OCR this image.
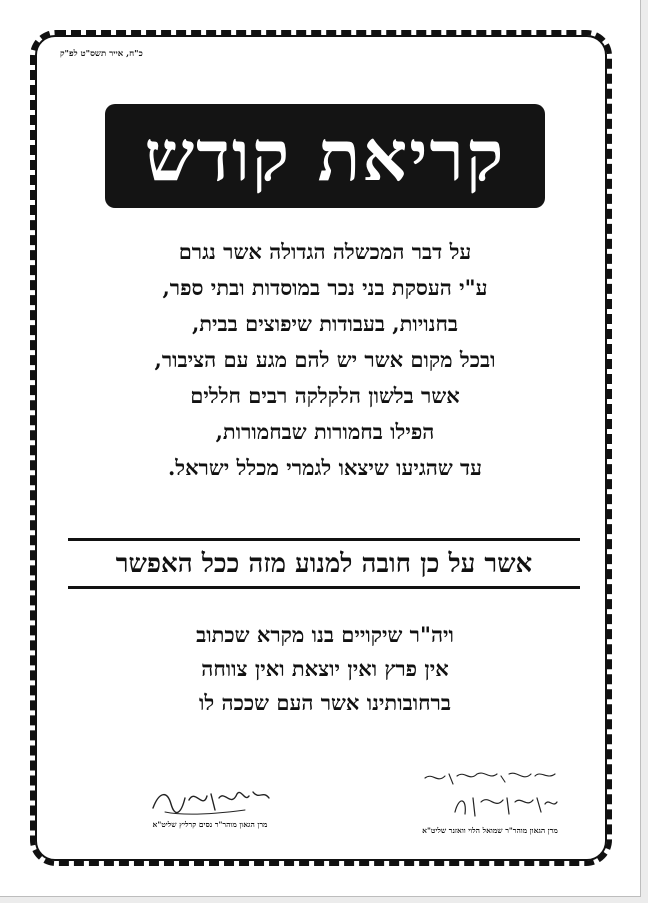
כ"ח, אייר תשס"ט לפ"ק
קריאת קודש
על דבר המכשלה הגדולה אשר נגרם
ע"י העסקת בני נכר במוסדות ובתי ספר,
בחנויות, בעבודות שיפוצים בבית,
ובכל מקום אשר יש להם מגע עם הציבור,
אשר בלשון הלקלקה רבים חללים
הפילו בחמורות שבחמורות,
עד שהגיעו שיצאו לגמרי מכלל ישראל.
אשר על כן חובה למנוע מזה ככל האפשר
ויה"ר שיקויים בנו מקרא שכתוב
אין פרץ ואין יוצאת ואין צווחה
ברחובותינו אשר העם שככה לו
מרן הגאון מוהר"ר נסים קרליץ שליט"א
מרן הגאון מוהר"ר שמואל הלוי וואזנר שליט"א
